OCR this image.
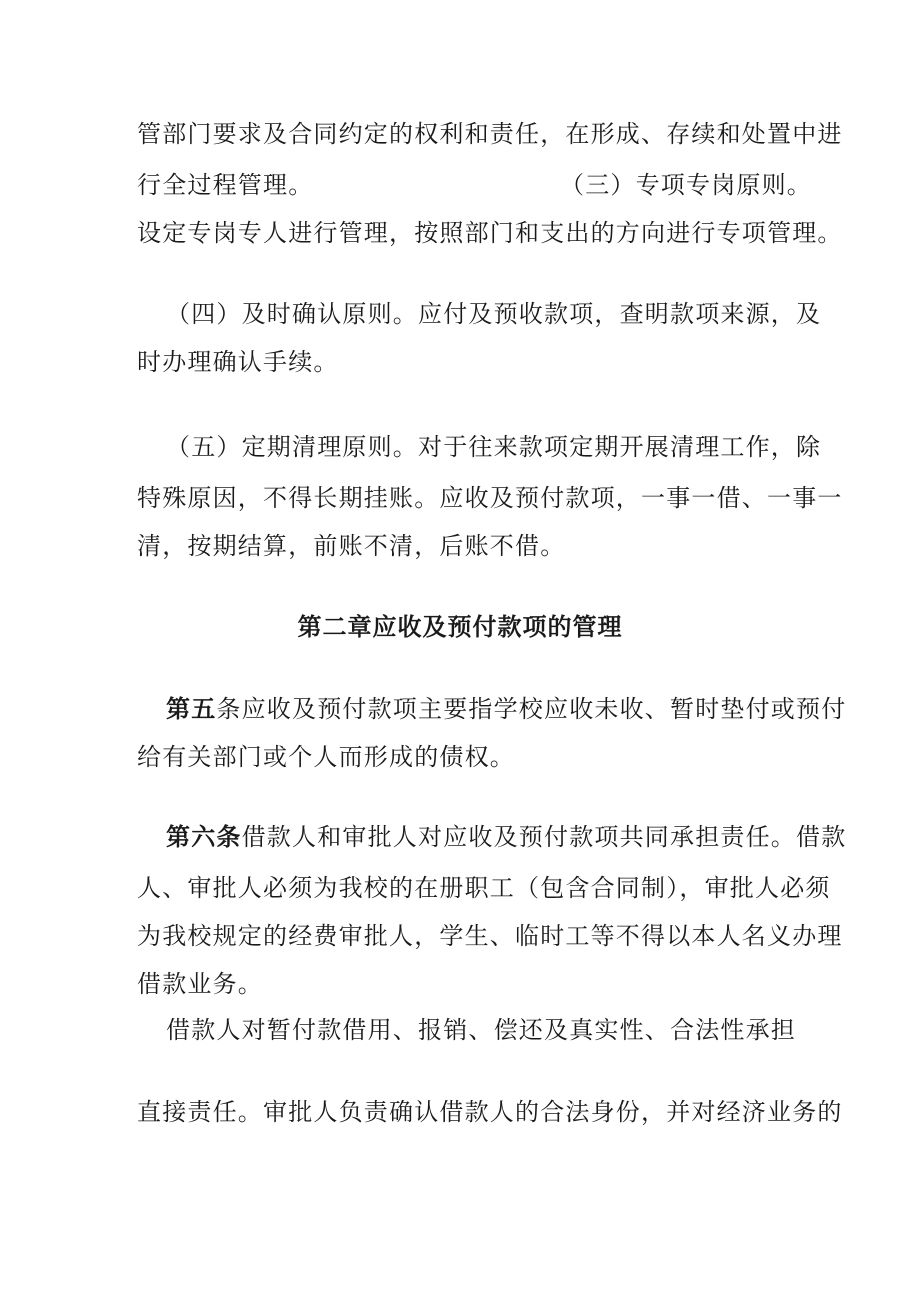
管部门要求及合同约定的权利和责任，在形成、存续和处置中进
行全过程管理。	（三）专项专岗原则。
设定专岗专人进行管理，按照部门和支出的方向进行专项管理。
（四）及时确认原则。应付及预收款项，查明款项来源，及
时办理确认手续。
（五）定期清理原则。对于往来款项定期开展清理工作，除
特殊原因，不得长期挂账。应收及预付款项，一事一借、一事一
清，按期结算，前账不清，后账不借。
第二章应收及预付款项的管理
第五条应收及预付款项主要指学校应收未收、暂时垫付或预付
给有关部门或个人而形成的债权。
第六条借款人和审批人对应收及预付款项共同承担责任。借款
人、审批人必须为我校的在册职工（包含合同制），审批人必须
为我校规定的经费审批人，学生、临时工等不得以本人名义办理
借款业务。
借款人对暂付款借用、报销、偿还及真实性、合法性承担
直接责任。审批人负责确认借款人的合法身份，并对经济业务的
